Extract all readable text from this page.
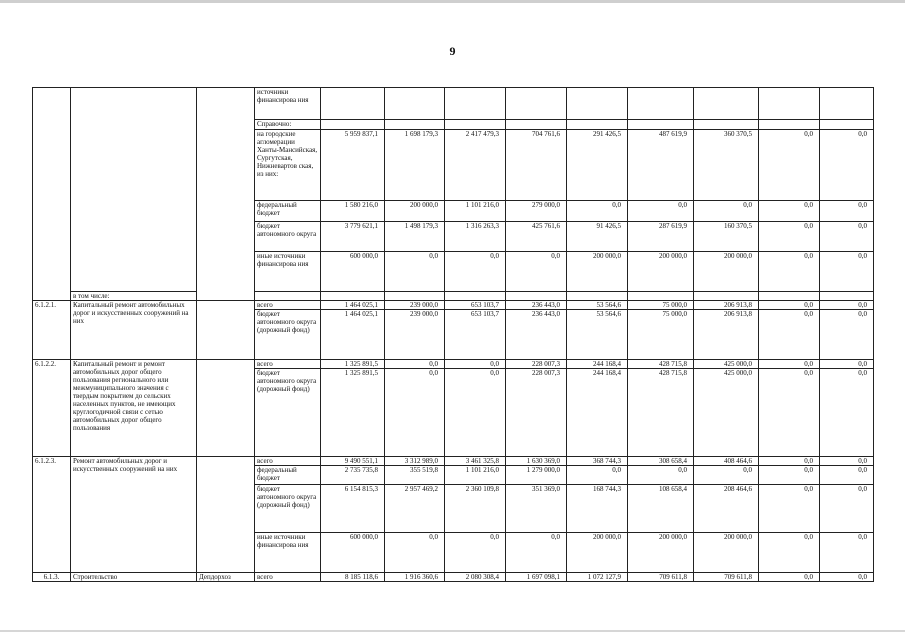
9
			источники финансирова ния									
			Справочно:									
			на городские агломерации Ханты-Мансийская, Сургутская, Нижневартов ская, из них:	5 959 837,1	1 698 179,3	2 417 479,3	704 761,6	291 426,5	487 619,9	360 370,5	0,0	0,0
			федеральный бюджет	1 580 216,0	200 000,0	1 101 216,0	279 000,0	0,0	0,0	0,0	0,0	0,0
			бюджет автономного округа	3 779 621,1	1 498 179,3	1 316 263,3	425 761,6	91 426,5	287 619,9	160 370,5	0,0	0,0
			иные источники финансирова ния	600 000,0	0,0	0,0	0,0	200 000,0	200 000,0	200 000,0	0,0	0,0
	в том числе:											
6.1.2.1.	Капитальный ремонт автомобильных дорог и искусственных сооружений на них		всего	1 464 025,1	239 000,0	653 103,7	236 443,0	53 564,6	75 000,0	206 913,8	0,0	0,0
			бюджет автономного округа (дорожный фонд)	1 464 025,1	239 000,0	653 103,7	236 443,0	53 564,6	75 000,0	206 913,8	0,0	0,0
6.1.2.2.	Капитальный ремонт и ремонт автомобильных дорог общего пользования регионального или межмуниципального значения с твердым покрытием до сельских населенных пунктов, не имеющих круглогодичной связи с сетью автомобильных дорог общего пользования		всего	1 325 891,5	0,0	0,0	228 007,3	244 168,4	428 715,8	425 000,0	0,0	0,0
			бюджет автономного округа (дорожный фонд)	1 325 891,5	0,0	0,0	228 007,3	244 168,4	428 715,8	425 000,0	0,0	0,0
6.1.2.3.	Ремонт автомобильных дорог и искусственных сооружений на них		всего	9 490 551,1	3 312 989,0	3 461 325,8	1 630 369,0	368 744,3	308 658,4	408 464,6	0,0	0,0
			федеральный бюджет	2 735 735,8	355 519,8	1 101 216,0	1 279 000,0	0,0	0,0	0,0	0,0	0,0
			бюджет автономного округа (дорожный фонд)	6 154 815,3	2 957 469,2	2 360 109,8	351 369,0	168 744,3	108 658,4	208 464,6	0,0	0,0
			иные источники финансирова ния	600 000,0	0,0	0,0	0,0	200 000,0	200 000,0	200 000,0	0,0	0,0
6.1.3.	Строительство	Депдорхоз	всего	8 185 118,6	1 916 360,6	2 080 308,4	1 697 098,1	1 072 127,9	709 611,8	709 611,8	0,0	0,0
